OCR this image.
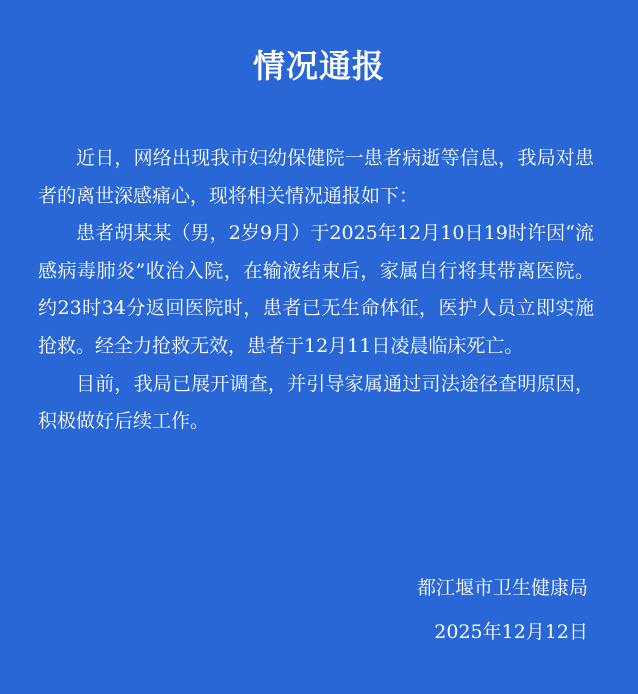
情况通报

近日，网络出现我市妇幼保健院一患者病逝等信息，我局对患者的离世深感痛心，现将相关情况通报如下：

患者胡某某（男，2岁9月）于2025年12月10日19时许因“流感病毒肺炎”收治入院，在输液结束后，家属自行将其带离医院。约23时34分返回医院时，患者已无生命体征，医护人员立即实施抢救。经全力抢救无效，患者于12月11日凌晨临床死亡。

目前，我局已展开调查，并引导家属通过司法途径查明原因，积极做好后续工作。

都江堰市卫生健康局
2025年12月12日
